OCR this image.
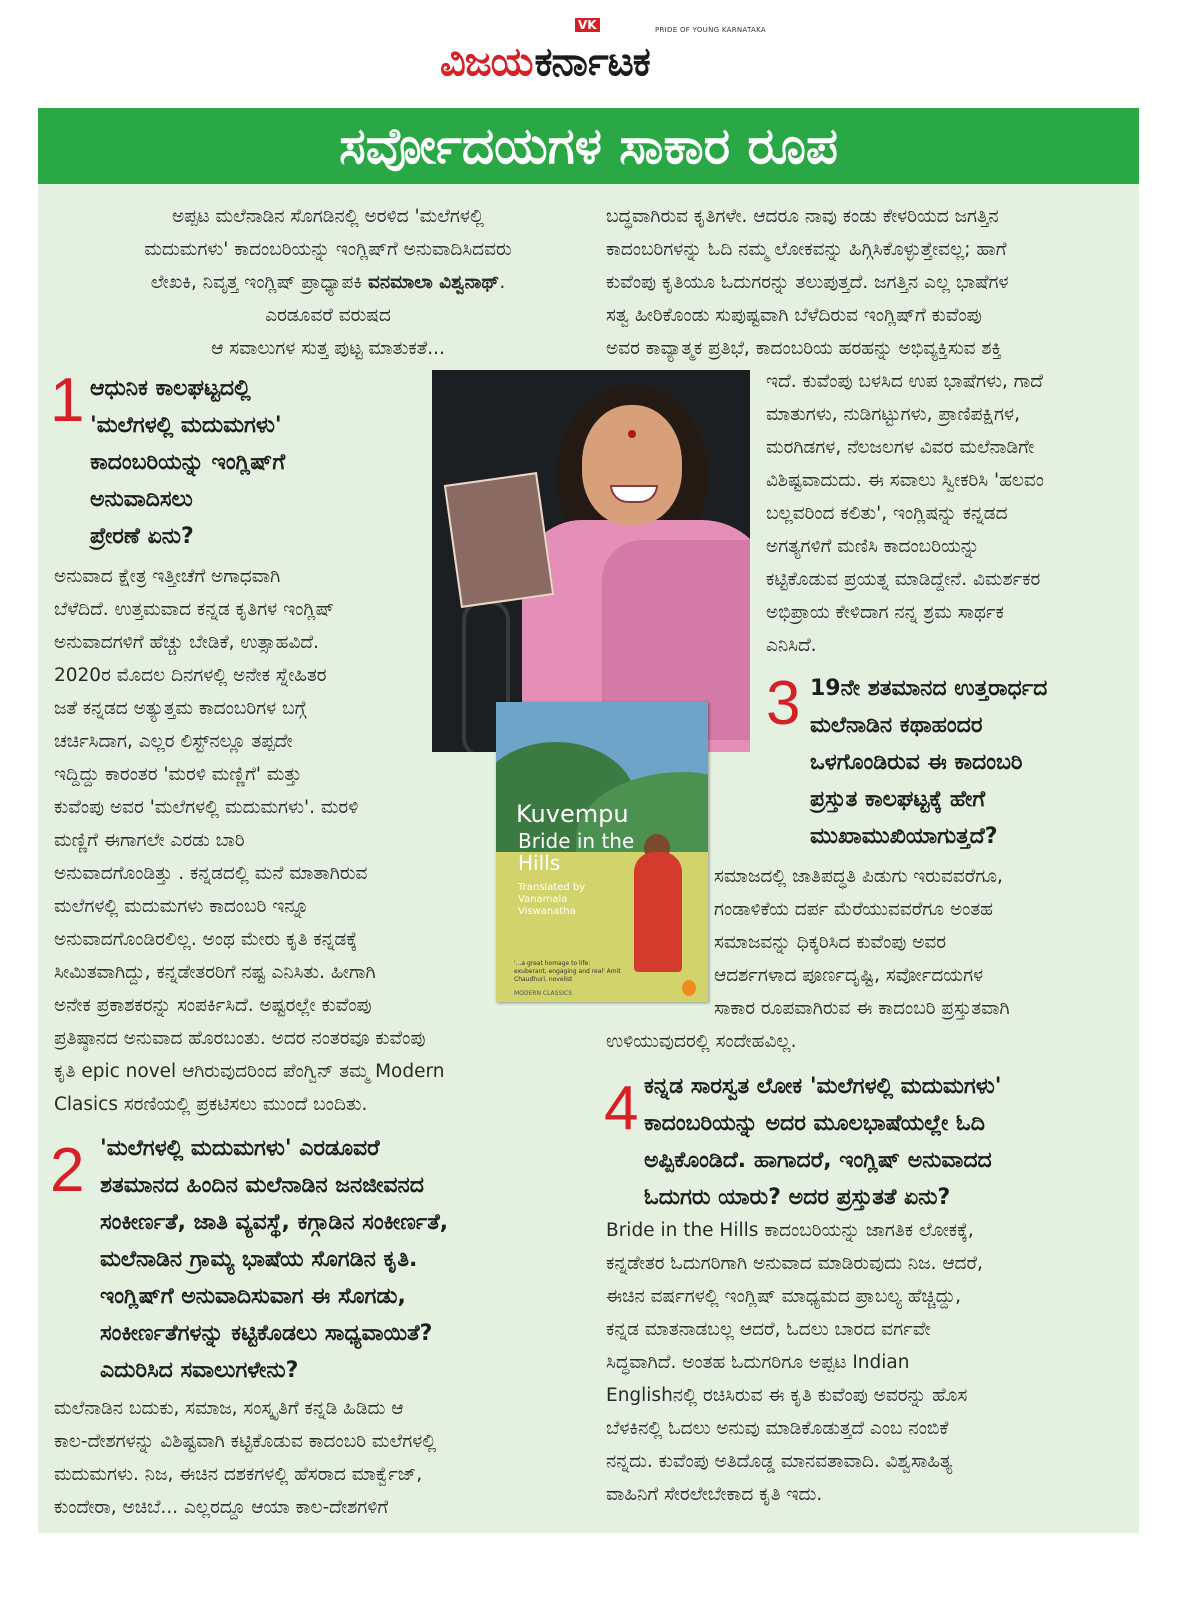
ವಿಜಯ ಕರ್ನಾಟಕ
VK	PRIDE OF YOUNG KARNATAKA
ಸರ್ವೋದಯಗಳ ಸಾಕಾರ ರೂಪ
ಅಪ್ಪಟ ಮಲೆನಾಡಿನ ಸೊಗಡಿನಲ್ಲಿ ಅರಳಿದ 'ಮಲೆಗಳಲ್ಲಿ
ಮದುಮಗಳು' ಕಾದಂಬರಿಯನ್ನು ಇಂಗ್ಲಿಷ್‌ಗೆ ಅನುವಾದಿಸಿದವರು
ಲೇಖಕಿ, ನಿವೃತ್ತ ಇಂಗ್ಲಿಷ್ ಪ್ರಾಧ್ಯಾಪಕಿ ವನಮಾಲಾ ವಿಶ್ವನಾಥ್.
ಎರಡೂವರೆ ವರುಷದ
ಆ ಸವಾಲುಗಳ ಸುತ್ತ ಪುಟ್ಟ ಮಾತುಕತೆ...
1 ಆಧುನಿಕ ಕಾಲಘಟ್ಟದಲ್ಲಿ
'ಮಲೆಗಳಲ್ಲಿ ಮದುಮಗಳು'
ಕಾದಂಬರಿಯನ್ನು ಇಂಗ್ಲಿಷ್‌ಗೆ
ಅನುವಾದಿಸಲು
ಪ್ರೇರಣೆ ಏನು?
ಅನುವಾದ ಕ್ಷೇತ್ರ ಇತ್ತೀಚೆಗೆ ಅಗಾಧವಾಗಿ
ಬೆಳೆದಿದೆ. ಉತ್ತಮವಾದ ಕನ್ನಡ ಕೃತಿಗಳ ಇಂಗ್ಲಿಷ್
ಅನುವಾದಗಳಿಗೆ ಹೆಚ್ಚು ಬೇಡಿಕೆ, ಉತ್ಸಾಹವಿದೆ.
2020ರ ಮೊದಲ ದಿನಗಳಲ್ಲಿ ಅನೇಕ ಸ್ನೇಹಿತರ
ಜತೆ ಕನ್ನಡದ ಅತ್ಯುತ್ತಮ ಕಾದಂಬರಿಗಳ ಬಗ್ಗೆ
ಚರ್ಚಿಸಿದಾಗ, ಎಲ್ಲರ ಲಿಸ್ಟ್‌ನಲ್ಲೂ ತಪ್ಪದೇ
ಇದ್ದಿದ್ದು ಕಾರಂತರ 'ಮರಳಿ ಮಣ್ಣಿಗೆ' ಮತ್ತು
ಕುವೆಂಪು ಅವರ 'ಮಲೆಗಳಲ್ಲಿ ಮದುಮಗಳು'. ಮರಳಿ
ಮಣ್ಣಿಗೆ ಈಗಾಗಲೇ ಎರಡು ಬಾರಿ
ಅನುವಾದಗೊಂಡಿತ್ತು . ಕನ್ನಡದಲ್ಲಿ ಮನೆ ಮಾತಾಗಿರುವ
ಮಲೆಗಳಲ್ಲಿ ಮದುಮಗಳು ಕಾದಂಬರಿ ಇನ್ನೂ
ಅನುವಾದಗೊಂಡಿರಲಿಲ್ಲ. ಅಂಥ ಮೇರು ಕೃತಿ ಕನ್ನಡಕ್ಕೆ
ಸೀಮಿತವಾಗಿದ್ದು, ಕನ್ನಡೇತರರಿಗೆ ನಷ್ಟ ಎನಿಸಿತು. ಹೀಗಾಗಿ
ಅನೇಕ ಪ್ರಕಾಶಕರನ್ನು ಸಂಪರ್ಕಿಸಿದೆ. ಅಷ್ಟರಲ್ಲೇ ಕುವೆಂಪು
ಪ್ರತಿಷ್ಠಾನದ ಅನುವಾದ ಹೊರಬಂತು. ಅದರ ನಂತರವೂ ಕುವೆಂಪು
ಕೃತಿ epic novel ಆಗಿರುವುದರಿಂದ ಪೆಂಗ್ವಿನ್ ತಮ್ಮ Modern
Clasics ಸರಣಿಯಲ್ಲಿ ಪ್ರಕಟಿಸಲು ಮುಂದೆ ಬಂದಿತು.
2 'ಮಲೆಗಳಲ್ಲಿ ಮದುಮಗಳು' ಎರಡೂವರೆ
ಶತಮಾನದ ಹಿಂದಿನ ಮಲೆನಾಡಿನ ಜನಜೀವನದ
ಸಂಕೀರ್ಣತೆ, ಜಾತಿ ವ್ಯವಸ್ಥೆ, ಕಗ್ಗಾಡಿನ ಸಂಕೀರ್ಣತೆ,
ಮಲೆನಾಡಿನ ಗ್ರಾಮ್ಯ ಭಾಷೆಯ ಸೊಗಡಿನ ಕೃತಿ.
ಇಂಗ್ಲಿಷ್‌ಗೆ ಅನುವಾದಿಸುವಾಗ ಈ ಸೊಗಡು,
ಸಂಕೀರ್ಣತೆಗಳನ್ನು ಕಟ್ಟಿಕೊಡಲು ಸಾಧ್ಯವಾಯಿತೆ?
ಎದುರಿಸಿದ ಸವಾಲುಗಳೇನು?
ಮಲೆನಾಡಿನ ಬದುಕು, ಸಮಾಜ, ಸಂಸ್ಕೃತಿಗೆ ಕನ್ನಡಿ ಹಿಡಿದು ಆ
ಕಾಲ-ದೇಶಗಳನ್ನು ವಿಶಿಷ್ಟವಾಗಿ ಕಟ್ಟಿಕೊಡುವ ಕಾದಂಬರಿ ಮಲೆಗಳಲ್ಲಿ
ಮದುಮಗಳು. ನಿಜ, ಈಚಿನ ದಶಕಗಳಲ್ಲಿ ಹೆಸರಾದ ಮಾರ್ಕ್ವೆಜ್,
ಕುಂದೇರಾ, ಅಚಿಬೆ... ಎಲ್ಲರದ್ದೂ ಆಯಾ ಕಾಲ-ದೇಶಗಳಿಗೆ
ಬದ್ಧವಾಗಿರುವ ಕೃತಿಗಳೇ. ಆದರೂ ನಾವು ಕಂಡು ಕೇಳರಿಯದ ಜಗತ್ತಿನ
ಕಾದಂಬರಿಗಳನ್ನು ಓದಿ ನಮ್ಮ ಲೋಕವನ್ನು ಹಿಗ್ಗಿಸಿಕೊಳ್ಳುತ್ತೇವಲ್ಲ; ಹಾಗೆ
ಕುವೆಂಪು ಕೃತಿಯೂ ಓದುಗರನ್ನು ತಲುಪುತ್ತದೆ. ಜಗತ್ತಿನ ಎಲ್ಲ ಭಾಷೆಗಳ
ಸತ್ವ ಹೀರಿಕೊಂಡು ಸುಪುಷ್ಟವಾಗಿ ಬೆಳೆದಿರುವ ಇಂಗ್ಲಿಷ್‌ಗೆ ಕುವೆಂಪು
ಅವರ ಕಾವ್ಯಾತ್ಮಕ ಪ್ರತಿಭೆ, ಕಾದಂಬರಿಯ ಹರಹನ್ನು ಅಭಿವ್ಯಕ್ತಿಸುವ ಶಕ್ತಿ
ಇದೆ. ಕುವೆಂಪು ಬಳಸಿದ ಉಪ ಭಾಷೆಗಳು, ಗಾದೆ
ಮಾತುಗಳು, ನುಡಿಗಟ್ಟುಗಳು, ಪ್ರಾಣಿಪಕ್ಷಿಗಳ,
ಮರಗಿಡಗಳ, ನೆಲಜಲಗಳ ವಿವರ ಮಲೆನಾಡಿಗೇ
ವಿಶಿಷ್ಟವಾದುದು. ಈ ಸವಾಲು ಸ್ವೀಕರಿಸಿ 'ಹಲವಂ
ಬಲ್ಲವರಿಂದ ಕಲಿತು', ಇಂಗ್ಲಿಷನ್ನು ಕನ್ನಡದ
ಅಗತ್ಯಗಳಿಗೆ ಮಣಿಸಿ ಕಾದಂಬರಿಯನ್ನು
ಕಟ್ಟಿಕೊಡುವ ಪ್ರಯತ್ನ ಮಾಡಿದ್ದೇನೆ. ವಿಮರ್ಶಕರ
ಅಭಿಪ್ರಾಯ ಕೇಳಿದಾಗ ನನ್ನ ಶ್ರಮ ಸಾರ್ಥಕ
ಎನಿಸಿದೆ.
3 19ನೇ ಶತಮಾನದ ಉತ್ತರಾರ್ಧದ
ಮಲೆನಾಡಿನ ಕಥಾಹಂದರ
ಒಳಗೊಂಡಿರುವ ಈ ಕಾದಂಬರಿ
ಪ್ರಸ್ತುತ ಕಾಲಘಟ್ಟಕ್ಕೆ ಹೇಗೆ
ಮುಖಾಮುಖಿಯಾಗುತ್ತದೆ?
ಸಮಾಜದಲ್ಲಿ ಜಾತಿಪದ್ಧತಿ ಪಿಡುಗು ಇರುವವರೆಗೂ,
ಗಂಡಾಳಿಕೆಯ ದರ್ಪ ಮೆರೆಯುವವರೆಗೂ ಅಂತಹ
ಸಮಾಜವನ್ನು ಧಿಕ್ಕರಿಸಿದ ಕುವೆಂಪು ಅವರ
ಆದರ್ಶಗಳಾದ ಪೂರ್ಣದೃಷ್ಟಿ, ಸರ್ವೋದಯಗಳ
ಸಾಕಾರ ರೂಪವಾಗಿರುವ ಈ ಕಾದಂಬರಿ ಪ್ರಸ್ತುತವಾಗಿ
ಉಳಿಯುವುದರಲ್ಲಿ ಸಂದೇಹವಿಲ್ಲ.
4 ಕನ್ನಡ ಸಾರಸ್ವತ ಲೋಕ 'ಮಲೆಗಳಲ್ಲಿ ಮದುಮಗಳು'
ಕಾದಂಬರಿಯನ್ನು ಅದರ ಮೂಲಭಾಷೆಯಲ್ಲೇ ಓದಿ
ಅಪ್ಪಿಕೊಂಡಿದೆ. ಹಾಗಾದರೆ, ಇಂಗ್ಲಿಷ್ ಅನುವಾದದ
ಓದುಗರು ಯಾರು? ಅದರ ಪ್ರಸ್ತುತತೆ ಏನು?
Bride in the Hills ಕಾದಂಬರಿಯನ್ನು ಜಾಗತಿಕ ಲೋಕಕ್ಕೆ,
ಕನ್ನಡೇತರ ಓದುಗರಿಗಾಗಿ ಅನುವಾದ ಮಾಡಿರುವುದು ನಿಜ. ಆದರೆ,
ಈಚಿನ ವರ್ಷಗಳಲ್ಲಿ ಇಂಗ್ಲಿಷ್ ಮಾಧ್ಯಮದ ಪ್ರಾಬಲ್ಯ ಹೆಚ್ಚಿದ್ದು,
ಕನ್ನಡ ಮಾತನಾಡಬಲ್ಲ ಆದರೆ, ಓದಲು ಬಾರದ ವರ್ಗವೇ
ಸಿದ್ಧವಾಗಿದೆ. ಅಂತಹ ಓದುಗರಿಗೂ ಅಪ್ಪಟ Indian
Englishನಲ್ಲಿ ರಚಿಸಿರುವ ಈ ಕೃತಿ ಕುವೆಂಪು ಅವರನ್ನು ಹೊಸ
ಬೆಳಕಿನಲ್ಲಿ ಓದಲು ಅನುವು ಮಾಡಿಕೊಡುತ್ತದೆ ಎಂಬ ನಂಬಿಕೆ
ನನ್ನದು. ಕುವೆಂಪು ಅತಿದೊಡ್ಡ ಮಾನವತಾವಾದಿ. ವಿಶ್ವಸಾಹಿತ್ಯ
ವಾಹಿನಿಗೆ ಸೇರಲೇಬೇಕಾದ ಕೃತಿ ಇದು.
Kuvempu
Bride in the Hills
Translated by Vanamala Viswanatha
'...a great homage to life: exuberant, engaging and real' Amit Chaudhuri, novelist
MODERN CLASSICS
